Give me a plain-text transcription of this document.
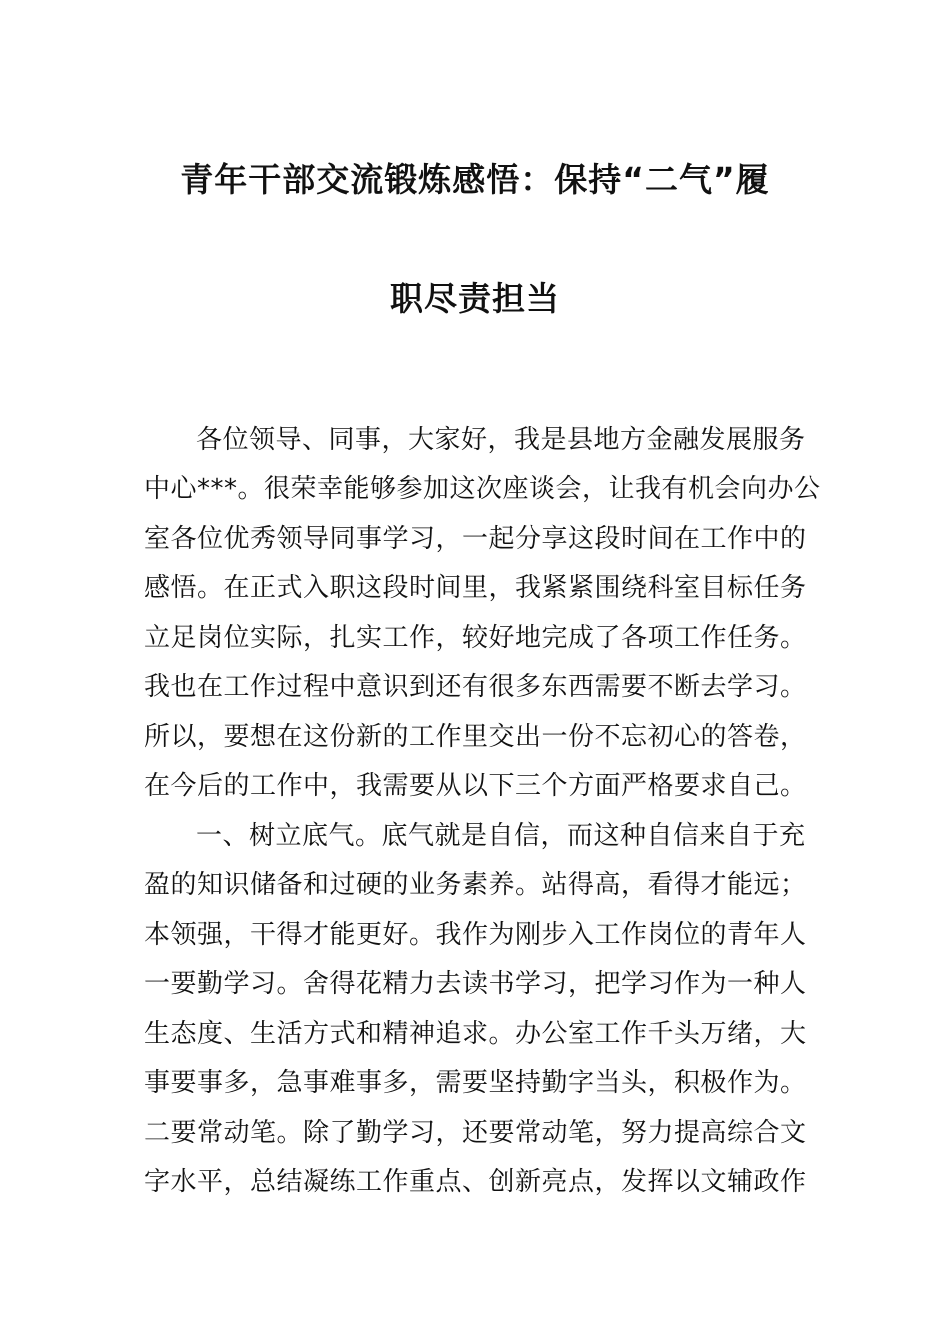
青年干部交流锻炼感悟：保持“二气”履
职尽责担当
各位领导、同事，大家好，我是县地方金融发展服务
中心***。很荣幸能够参加这次座谈会，让我有机会向办公
室各位优秀领导同事学习，一起分享这段时间在工作中的
感悟。在正式入职这段时间里，我紧紧围绕科室目标任务
立足岗位实际，扎实工作，较好地完成了各项工作任务。
我也在工作过程中意识到还有很多东西需要不断去学习。
所以，要想在这份新的工作里交出一份不忘初心的答卷，
在今后的工作中，我需要从以下三个方面严格要求自己。
一、树立底气。底气就是自信，而这种自信来自于充
盈的知识储备和过硬的业务素养。站得高，看得才能远；
本领强，干得才能更好。我作为刚步入工作岗位的青年人
一要勤学习。舍得花精力去读书学习，把学习作为一种人
生态度、生活方式和精神追求。办公室工作千头万绪，大
事要事多，急事难事多，需要坚持勤字当头，积极作为。
二要常动笔。除了勤学习，还要常动笔，努力提高综合文
字水平，总结凝练工作重点、创新亮点，发挥以文辅政作
